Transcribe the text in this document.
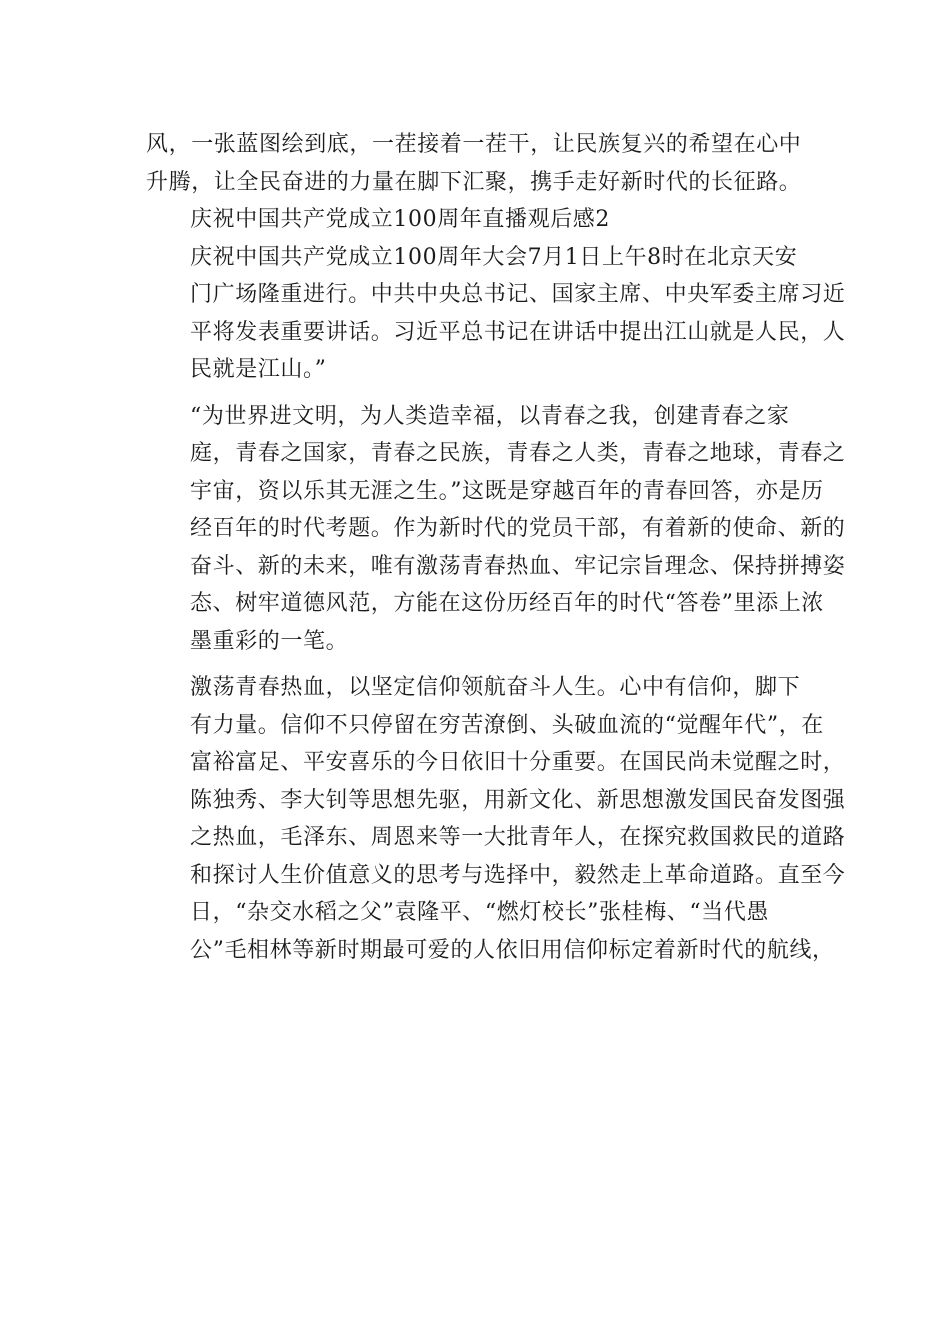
风，一张蓝图绘到底，一茬接着一茬干，让民族复兴的希望在心中
升腾，让全民奋进的力量在脚下汇聚，携手走好新时代的长征路。

庆祝中国共产党成立100周年直播观后感2

庆祝中国共产党成立100周年大会7月1日上午8时在北京天安
门广场隆重进行。中共中央总书记、国家主席、中央军委主席习近
平将发表重要讲话。习近平总书记在讲话中提出江山就是人民，人
民就是江山。”

“为世界进文明，为人类造幸福，以青春之我，创建青春之家
庭，青春之国家，青春之民族，青春之人类，青春之地球，青春之
宇宙，资以乐其无涯之生。”这既是穿越百年的青春回答，亦是历
经百年的时代考题。作为新时代的党员干部，有着新的使命、新的
奋斗、新的未来，唯有激荡青春热血、牢记宗旨理念、保持拼搏姿
态、树牢道德风范，方能在这份历经百年的时代“答卷”里添上浓
墨重彩的一笔。

激荡青春热血，以坚定信仰领航奋斗人生。心中有信仰，脚下
有力量。信仰不只停留在穷苦潦倒、头破血流的“觉醒年代”，在
富裕富足、平安喜乐的今日依旧十分重要。在国民尚未觉醒之时，
陈独秀、李大钊等思想先驱，用新文化、新思想激发国民奋发图强
之热血，毛泽东、周恩来等一大批青年人，在探究救国救民的道路
和探讨人生价值意义的思考与选择中，毅然走上革命道路。直至今
日，“杂交水稻之父”袁隆平、“燃灯校长”张桂梅、“当代愚
公”毛相林等新时期最可爱的人依旧用信仰标定着新时代的航线，
